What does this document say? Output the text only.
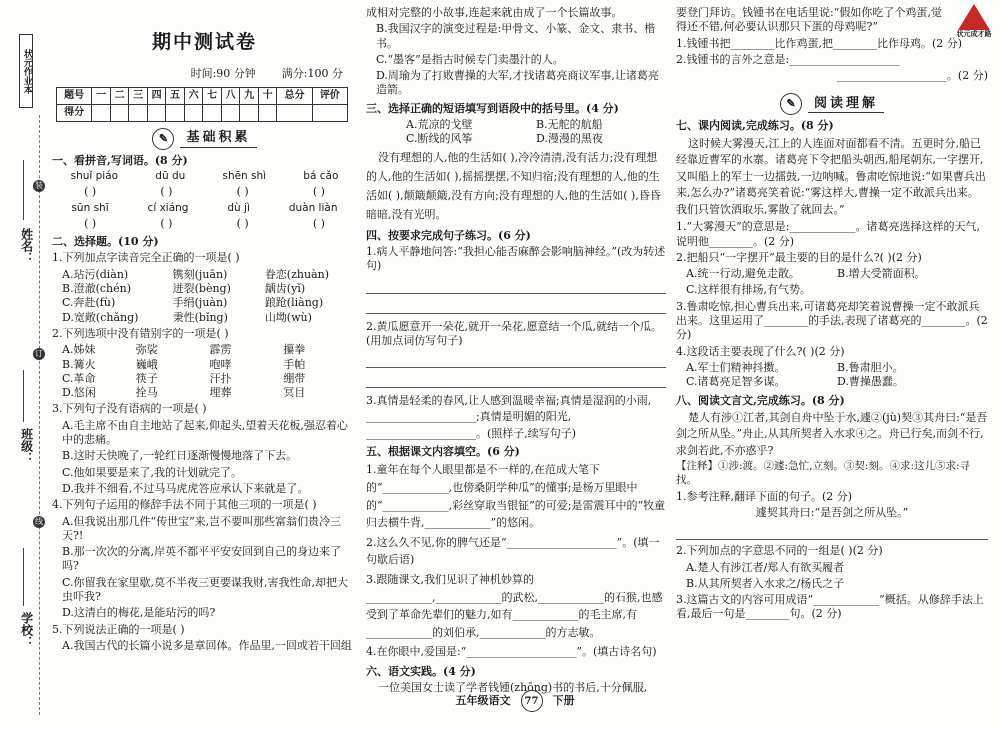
状元作业本
装
订
线
姓名：
班级：
学校：
状元成才路
期中测试卷
时间:90 分钟 满分:100 分
题号	一	二	三	四	五	六	七	八	九	十	总分	评价
得分												
✎	基础积累
一、看拼音,写词语。(8 分)
shuǐ piáo	dū du	shēn shì	bá cǎo
( )	( )	( )	( )
sūn shī	cí xiáng	dù jì	duàn liàn
( )	( )	( )	( )
二、选择题。(10 分)
1.下列加点字读音完全正确的一项是( )
A.玷污(diàn)	镌刻(juān)	眷恋(zhuàn)
B.澄澈(chén)	迸裂(bèng)	龋齿(yǐ)
C.奔赴(fù)	手绢(juàn)	踉跄(liàng)
D.宽敞(chǎng)	秉性(bǐng)	山坳(wù)
2.下列选项中没有错别字的一项是( )
A.姊妹	弥裟	霹雳	攥拳
B.篝火	巍峨	咆哮	手帕
C.革命	筷子	汗扑	绷带
D.悠闲	拴马	埋葬	冥目
3.下列句子没有语病的一项是( )
A.毛主席不由自主地站了起来,仰起头,望着天花板,强忍着心中的悲痛。
B.这时天快晚了,一轮红日逐渐慢慢地落了下去。
C.他如果要是来了,我的计划就完了。
D.我并不细看,不过马马虎虎答应承认下来就是了。
4.下列句子运用的修辞手法不同于其他三项的一项是( )
A.但我说出那几件“传世宝”来,岂不要叫那些富翁们贵冷三天?!
B.那一次次的分离,岸英不都平平安安回到自己的身边来了吗?
C.你留我在家里歇,莫不半夜三更要谋我财,害我性命,却把大虫吓我?
D.这清白的梅花,是能玷污的吗?
5.下列说法正确的一项是( )
A.我国古代的长篇小说多是章回体。作品里,一回或若干回组
成相对完整的小故事,连起来就由成了一个长篇故事。
B.我国汉字的演变过程是:甲骨文、小篆、金文、隶书、楷书。
C.“墨客”是指古时候专门卖墨汁的人。
D.周瑜为了打败曹操的大军,才找诸葛亮商议军事,让诸葛亮造箭。
三、选择正确的短语填写到语段中的括号里。(4 分)
A.荒凉的戈壁	B.无舵的航船
C.断线的风筝	D.漫漫的黑夜
没有理想的人,他的生活如( ),冷冷清清,没有活力;没有理想的人,他的生活如( ),摇摇摆摆,不知归宿;没有理想的人,他的生活如( ),颠簸颠簸,没有方向;没有理想的人,他的生活如( ),昏昏暗暗,没有光明。
四、按要求完成句子练习。(6 分)
1.病人平静地问答:“我担心能否麻醉会影响脑神经。”(改为转述句)
2.黄瓜愿意开一朵花,就开一朵花,愿意结一个瓜,就结一个瓜。(用加点词仿写句子)
3.真情是轻柔的春风,让人感到温暖幸福;真情是湿润的小雨,
____________________;真情是明媚的阳光,
____________________。(照样子,续写句子)
五、根据课文内容填空。(6 分)
1.童年在每个人眼里都是不一样的,在范成大笔下的“____________,也傍桑阴学种瓜”的懂事;是杨万里眼中的“____________,彩丝穿取当银钲”的可爱;是雷震耳中的“牧童归去横牛背,____________”的悠闲。
2.这么久不见,你的脾气还是“____________________”。(填一句歇后语)
3.跟随课文,我们见识了神机妙算的____________,____________的武松,____________的石猴,也感受到了革命先辈们的魅力,如有____________的毛主席,有____________的刘伯承,____________的方志敏。
4.在你眼中,爱国是:“____________________”。(填古诗名句)
六、语文实践。(4 分)
一位美国女士读了学者钱锺(zhōng)书的书后,十分佩服,
要登门拜访。钱锺书在电话里说:“假如你吃了个鸡蛋,觉得还不错,何必要认识那只下蛋的母鸡呢?”
1.钱锺书把________比作鸡蛋,把________比作母鸡。(2 分)
2.钱锺书的言外之意是:____________________
____________________。(2 分)
✎	阅读理解
七、课内阅读,完成练习。(8 分)
这时候大雾漫天,江上的人连面对面都看不清。五更时分,船已经靠近曹军的水寨。诸葛亮下令把船头朝西,船尾朝东,一字摆开,又叫船上的军士一边擂鼓,一边呐喊。鲁肃吃惊地说:“如果曹兵出来,怎么办?”诸葛亮笑着说:“雾这样大,曹操一定不敢派兵出来。我们只管饮酒取乐,雾散了就回去。”
1.“大雾漫天”的意思是:____________。诸葛亮选择这样的天气,说明他________。(2 分)
2.把船只“一字摆开”最主要的目的是什么?( )(2 分)
A.统一行动,避免走散。	B.增大受箭面积。
C.这样很有排场,有气势。
3.鲁肃吃惊,担心曹兵出来,可诸葛亮却笑着说曹操一定不敢派兵出来。这里运用了________的手法,表现了诸葛亮的________。(2 分)
4.这段话主要表现了什么?( )(2 分)
A.军士们精神抖擞。	B.鲁肃胆小。
C.诸葛亮足智多谋。	D.曹操愚蠢。
八、阅读文言文,完成练习。(8 分)
楚人有涉①江者,其剑自舟中坠于水,遽②(jù)契③其舟曰:“是吾剑之所从坠。”舟止,从其所契者入水求④之。舟已行矣,而剑不行,求剑若此,不亦惑乎?
【注释】①涉:渡。②遽:急忙,立刻。③契:刻。④求:这儿⑤求:寻找。
1.参考注释,翻译下面的句子。(2 分)
遽契其舟曰:“是吾剑之所从坠。”
2.下列加点的字意思不同的一组是( )(2 分)
A.楚人有涉江者/郑人有欲买履者
B.从其所契者入水求之/杨氏之子
3.这篇古文的内容可用成语“____________”概括。从修辞手法上看,最后一句是________句。(2 分)
五年级语文	77	下册
